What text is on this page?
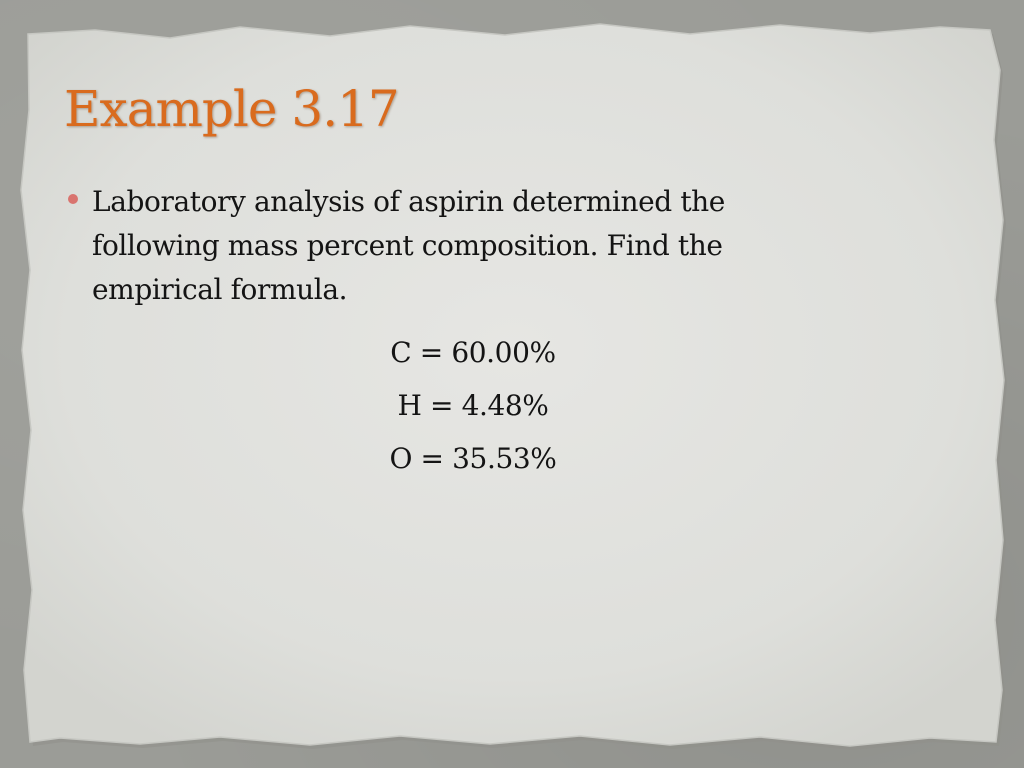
Example 3.17

Laboratory analysis of aspirin determined the following mass percent composition. Find the empirical formula.

C = 60.00%
H = 4.48%
O = 35.53%
